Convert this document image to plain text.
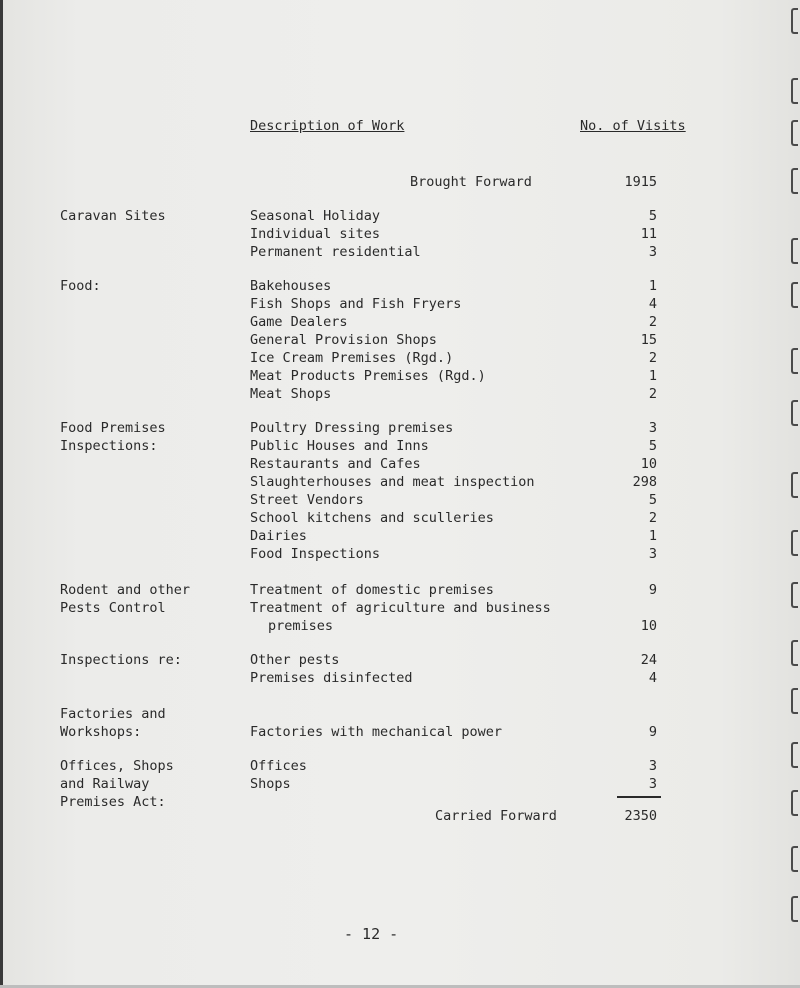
Description of Work	No. of Visits
Brought Forward	1915
Caravan Sites	Seasonal Holiday	5
Individual sites	11
Permanent residential	3
Food:	Bakehouses	1
Fish Shops and Fish Fryers	4
Game Dealers	2
General Provision Shops	15
Ice Cream Premises (Rgd.)	2
Meat Products Premises (Rgd.)	1
Meat Shops	2
Food Premises
Inspections:
Poultry Dressing premises	3
Public Houses and Inns	5
Restaurants and Cafes	10
Slaughterhouses and meat inspection	298
Street Vendors	5
School kitchens and sculleries	2
Dairies	1
Food Inspections	3
Rodent and other
Pests Control
Treatment of domestic premises	9
Treatment of agriculture and business
premises	10
Inspections re:	Other pests	24
Premises disinfected	4
Factories and
Workshops:	Factories with mechanical power	9
Offices, Shops
and Railway
Premises Act:
Offices	3
Shops	3
Carried Forward	2350
- 12 -
